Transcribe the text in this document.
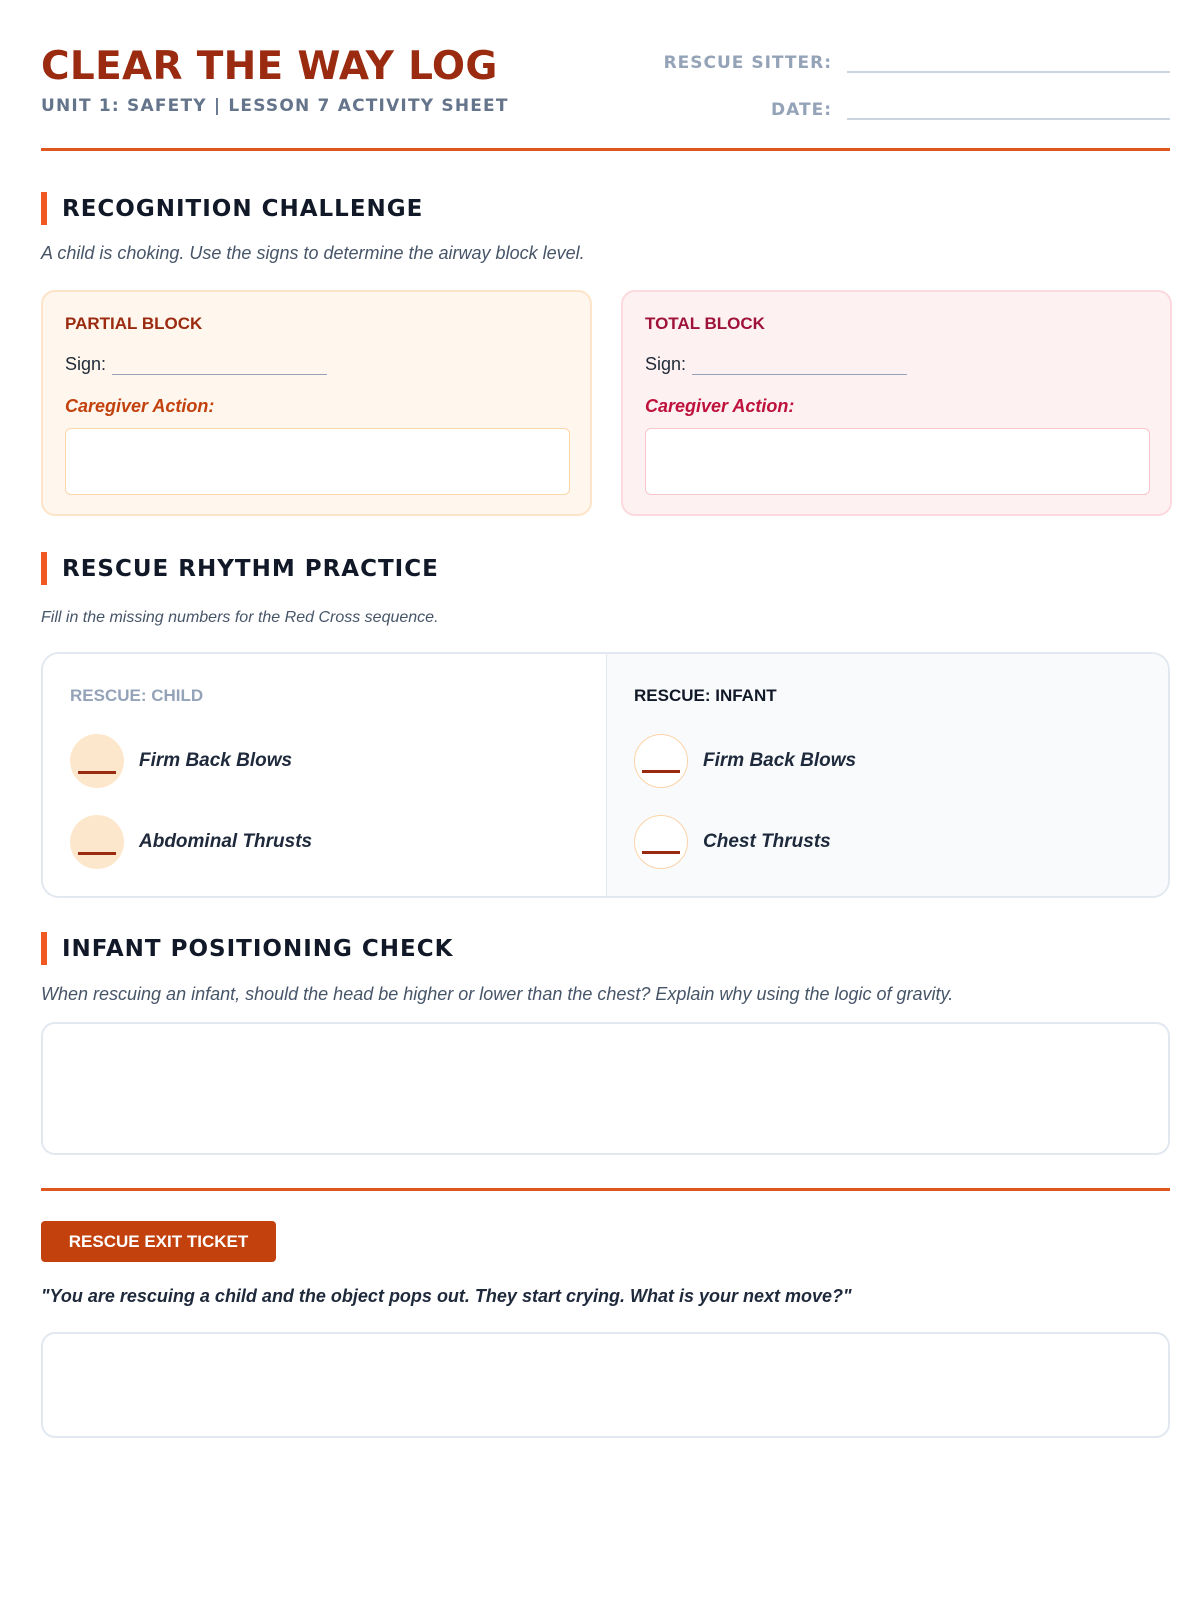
CLEAR THE WAY LOG
UNIT 1: SAFETY | LESSON 7 ACTIVITY SHEET
RESCUE SITTER:
DATE:
RECOGNITION CHALLENGE
A child is choking. Use the signs to determine the airway block level.
PARTIAL BLOCK
Sign:
Caregiver Action:
TOTAL BLOCK
Sign:
Caregiver Action:
RESCUE RHYTHM PRACTICE
Fill in the missing numbers for the Red Cross sequence.
RESCUE: CHILD
Firm Back Blows
Abdominal Thrusts
RESCUE: INFANT
Firm Back Blows
Chest Thrusts
INFANT POSITIONING CHECK
When rescuing an infant, should the head be higher or lower than the chest? Explain why using the logic of gravity.
RESCUE EXIT TICKET
"You are rescuing a child and the object pops out. They start crying. What is your next move?"
